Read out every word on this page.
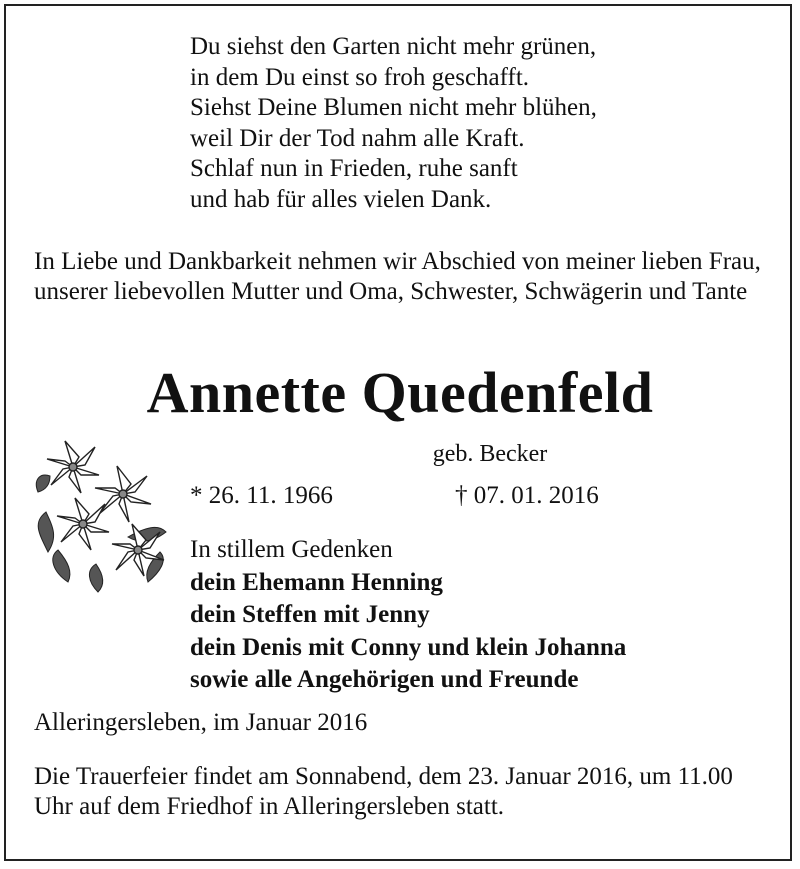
Du siehst den Garten nicht mehr grünen,
in dem Du einst so froh geschafft.
Siehst Deine Blumen nicht mehr blühen,
weil Dir der Tod nahm alle Kraft.
Schlaf nun in Frieden, ruhe sanft
und hab für alles vielen Dank.
In Liebe und Dankbarkeit nehmen wir Abschied von meiner lieben Frau, unserer liebevollen Mutter und Oma, Schwester, Schwägerin und Tante
Annette Quedenfeld
geb. Becker
* 26. 11. 1966	† 07. 01. 2016
In stillem Gedenken
dein Ehemann Henning
dein Steffen mit Jenny
dein Denis mit Conny und klein Johanna
sowie alle Angehörigen und Freunde
Alleringersleben, im Januar 2016
Die Trauerfeier findet am Sonnabend, dem 23. Januar 2016, um 11.00 Uhr auf dem Friedhof in Alleringersleben statt.
